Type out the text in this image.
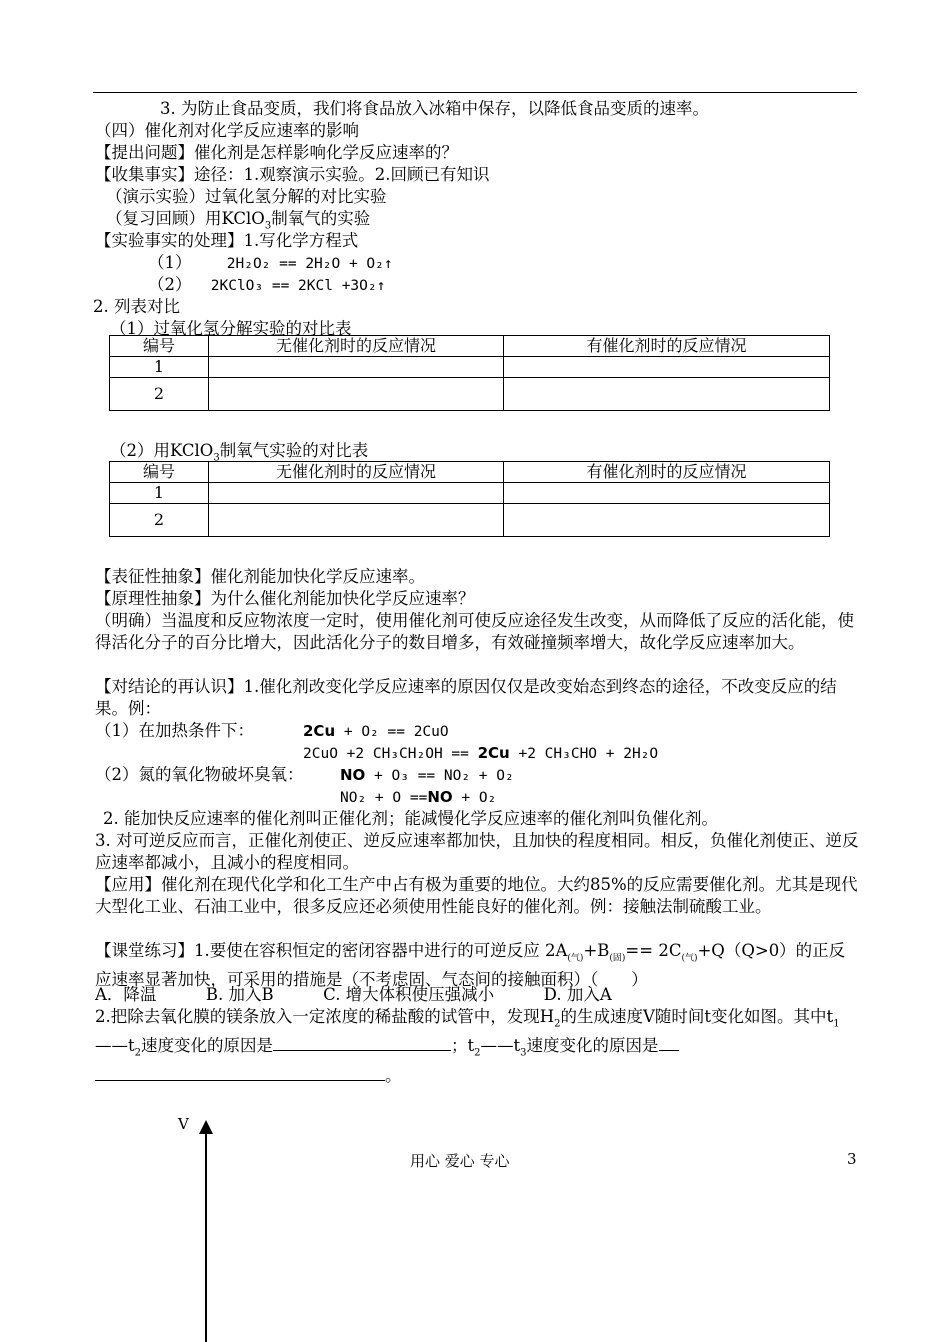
3. 为防止食品变质，我们将食品放入冰箱中保存，以降低食品变质的速率。
（四）催化剂对化学反应速率的影响
【提出问题】催化剂是怎样影响化学反应速率的？
【收集事实】途径：1.观察演示实验。2.回顾已有知识
（演示实验）过氧化氢分解的对比实验
（复习回顾）用KClO$_3$制氧气的实验
【实验事实的处理】1.写化学方程式
（1） 2H₂O₂ == 2H₂O + O₂↑
（2） 2KClO₃ == 2KCl +3O₂↑
2. 列表对比
（1）过氧化氢分解实验的对比表
编号	无催化剂时的反应情况	有催化剂时的反应情况
1		
2		
（2）用KClO$_3$制氧气实验的对比表
编号	无催化剂时的反应情况	有催化剂时的反应情况
1		
2		
【表征性抽象】催化剂能加快化学反应速率。
【原理性抽象】为什么催化剂能加快化学反应速率？
（明确）当温度和反应物浓度一定时，使用催化剂可使反应途径发生改变，从而降低了反应的活化能，使得活化分子的百分比增大，因此活化分子的数目增多，有效碰撞频率增大，故化学反应速率加大。
【对结论的再认识】1.催化剂改变化学反应速率的原因仅仅是改变始态到终态的途径，不改变反应的结果。例：
（1）在加热条件下：	2Cu + O₂ == 2CuO
2CuO +2 CH₃CH₂OH == 2Cu +2 CH₃CHO + 2H₂O
（2）氮的氧化物破坏臭氧： NO + O₃ == NO₂ + O₂
NO₂ + O ==NO + O₂
2. 能加快反应速率的催化剂叫正催化剂；能减慢化学反应速率的催化剂叫负催化剂。
3. 对可逆反应而言，正催化剂使正、逆反应速率都加快，且加快的程度相同。相反，负催化剂使正、逆反应速率都减小，且减小的程度相同。
【应用】催化剂在现代化学和化工生产中占有极为重要的地位。大约85%的反应需要催化剂。尤其是现代大型化工业、石油工业中，很多反应还必须使用性能良好的催化剂。例：接触法制硫酸工业。
【课堂练习】1.要使在容积恒定的密闭容器中进行的可逆反应 $2A_{(气)}+B_{(固)}== 2C_{(气)}+Q(Q>0)$的正反应速率显著加快，可采用的措施是（不考虑固、气态间的接触面积）（　　）
A．降温　　　B. 加入B　　　C. 增大体积使压强减小　　　D. 加入A
2.把除去氧化膜的镁条放入一定浓度的稀盐酸的试管中，发现$H_2$的生成速度V随时间t变化如图。其中$t_1——t_2$速度变化的原因是	；$t_2——t_3$速度变化的原因是。
V
用心 爱心 专心	3
